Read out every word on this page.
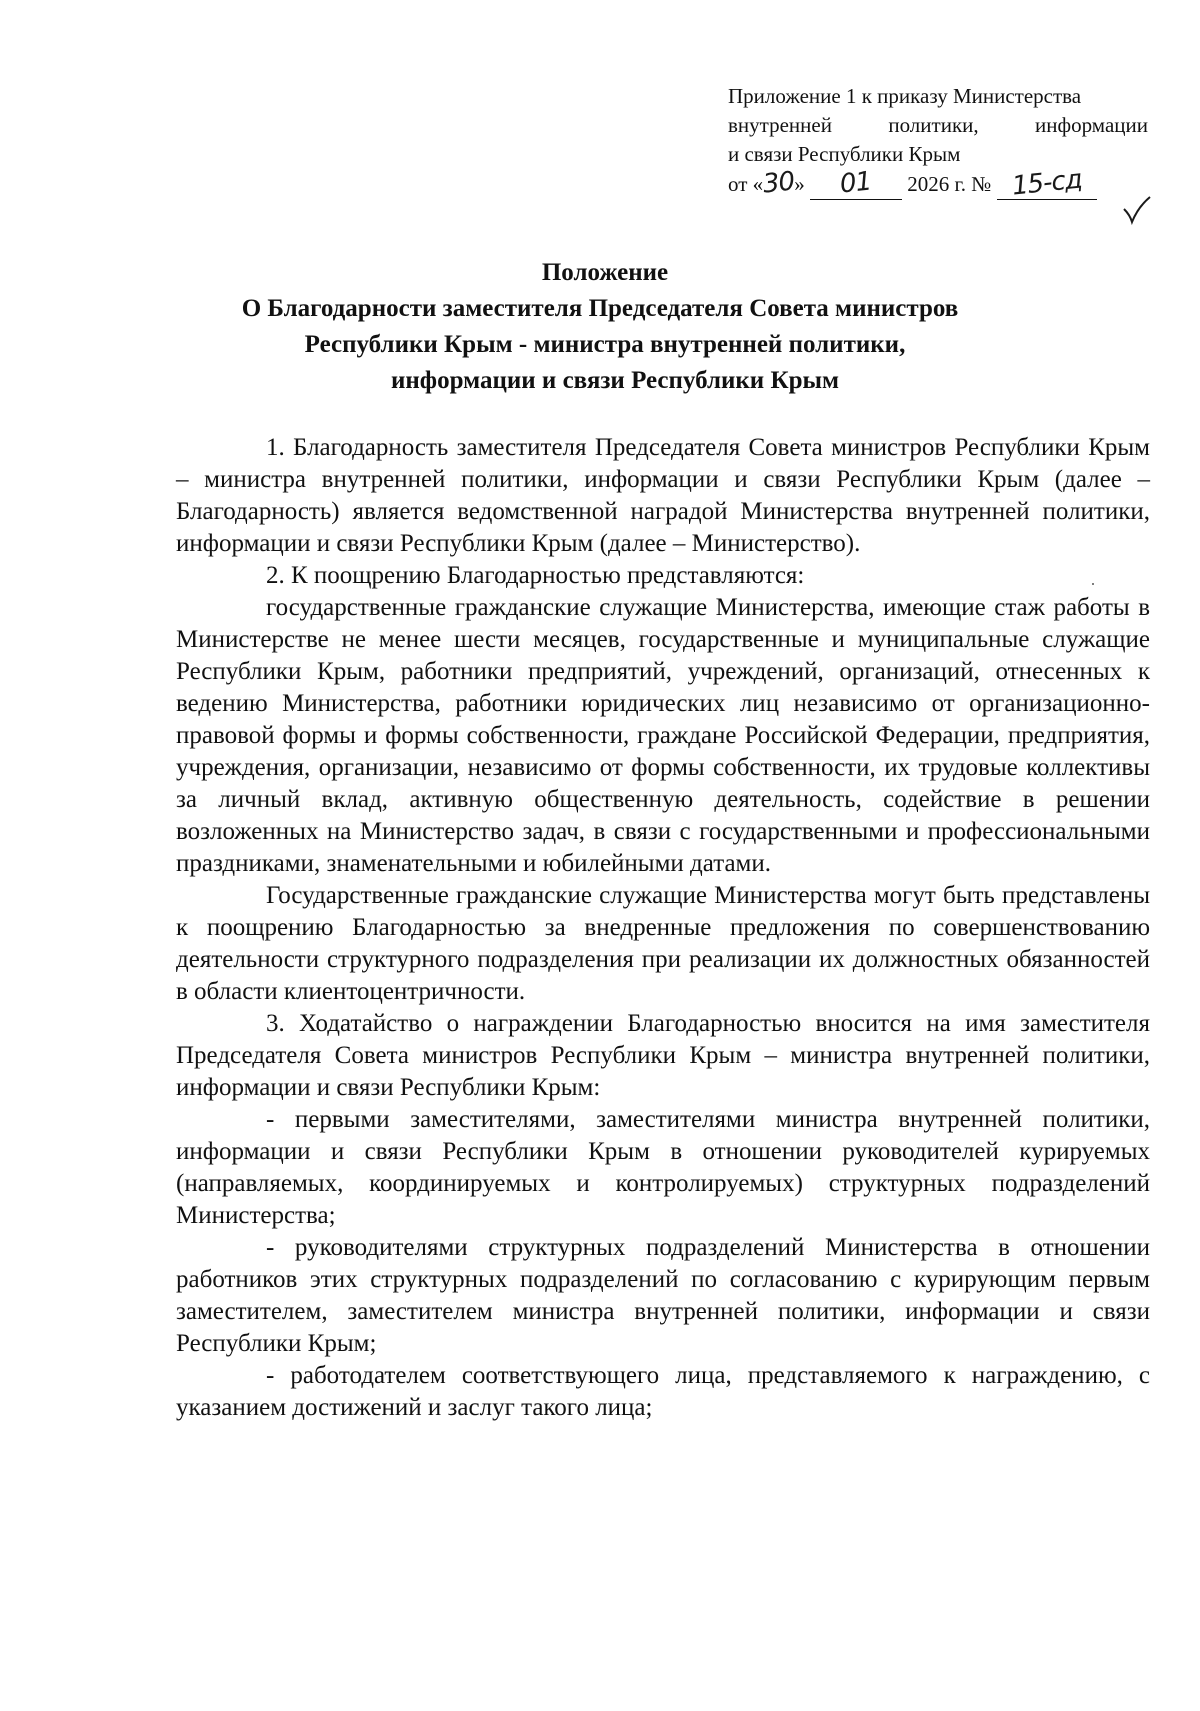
Приложение 1 к приказу Министерства
внутренней политики, информации
и связи Республики Крым
от «30» 01 2026 г. № 15-сд
Положение
О Благодарности заместителя Председателя Совета министров
Республики Крым - министра внутренней политики,
информации и связи Республики Крым

1. Благодарность заместителя Председателя Совета министров Республики Крым – министра внутренней политики, информации и связи Республики Крым (далее – Благодарность) является ведомственной наградой Министерства внутренней политики, информации и связи Республики Крым (далее – Министерство).

2. К поощрению Благодарностью представляются:

государственные гражданские служащие Министерства, имеющие стаж работы в Министерстве не менее шести месяцев, государственные и муниципальные служащие Республики Крым, работники предприятий, учреждений, организаций, отнесенных к ведению Министерства, работники юридических лиц независимо от организационно-правовой формы и формы собственности, граждане Российской Федерации, предприятия, учреждения, организации, независимо от формы собственности, их трудовые коллективы за личный вклад, активную общественную деятельность, содействие в решении возложенных на Министерство задач, в связи с государственными и профессиональными праздниками, знаменательными и юбилейными датами.

Государственные гражданские служащие Министерства могут быть представлены к поощрению Благодарностью за внедренные предложения по совершенствованию деятельности структурного подразделения при реализации их должностных обязанностей в области клиентоцентричности.

3. Ходатайство о награждении Благодарностью вносится на имя заместителя Председателя Совета министров Республики Крым – министра внутренней политики, информации и связи Республики Крым:

- первыми заместителями, заместителями министра внутренней политики, информации и связи Республики Крым в отношении руководителей курируемых (направляемых, координируемых и контролируемых) структурных подразделений Министерства;

- руководителями структурных подразделений Министерства в отношении работников этих структурных подразделений по согласованию с курирующим первым заместителем, заместителем министра внутренней политики, информации и связи Республики Крым;

- работодателем соответствующего лица, представляемого к награждению, с указанием достижений и заслуг такого лица;
